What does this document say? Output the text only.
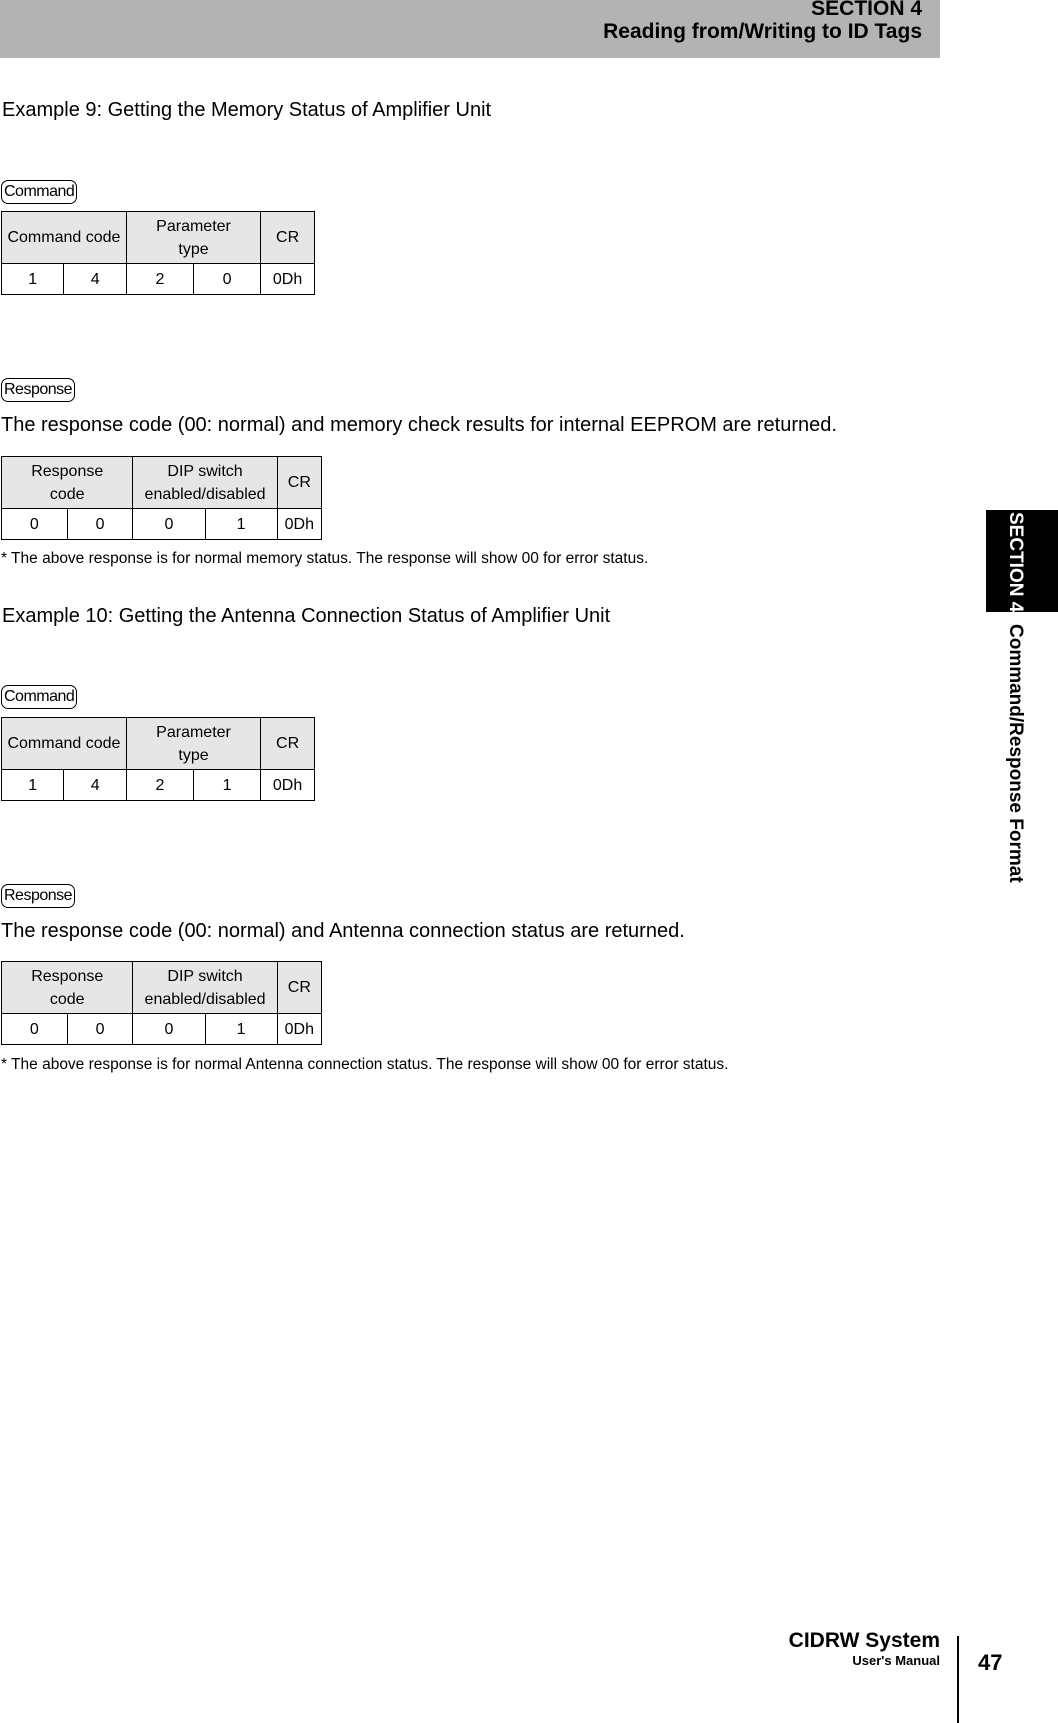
SECTION 4
Reading from/Writing to ID Tags
SECTION 4
Command/Response Format
Example 9: Getting the Memory Status of Amplifier Unit
Command
Command code		Parameter type		CR
1	4	2	0	0Dh
Response
The response code (00: normal) and memory check results for internal EEPROM are returned.
Response code		DIP switch enabled/disabled		CR
0	0	0	1	0Dh
* The above response is for normal memory status. The response will show 00 for error status.
Example 10: Getting the Antenna Connection Status of Amplifier Unit
Command
Command code		Parameter type		CR
1	4	2	1	0Dh
Response
The response code (00: normal) and Antenna connection status are returned.
Response code		DIP switch enabled/disabled		CR
0	0	0	1	0Dh
* The above response is for normal Antenna connection status. The response will show 00 for error status.
CIDRW System
User's Manual 47
